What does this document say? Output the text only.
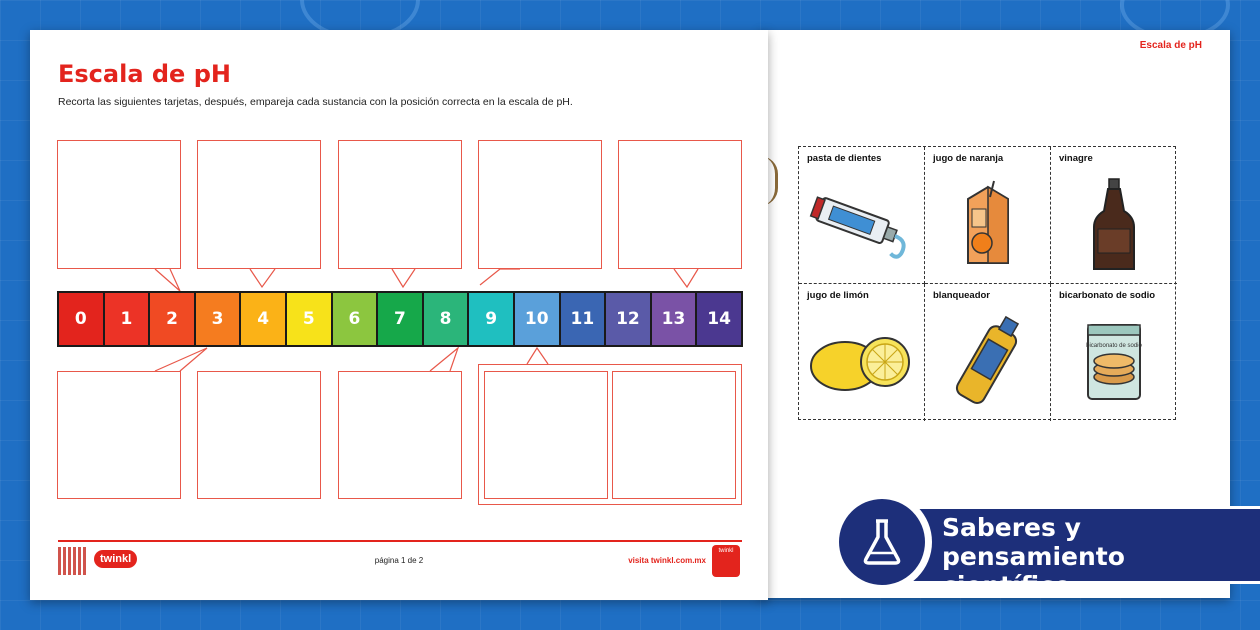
Escala de pH
pasta de dientes	jugo de naranja	vinagre
jugo de limón	blanqueador	bicarbonato de sodio
bicarbonato de sodio
Escala de pH
Recorta las siguientes tarjetas, después, empareja cada sustancia con la posición correcta en la escala de pH.
0	1	2	3	4	5	6	7	8	9	10	11	12	13	14
twinkl	página 1 de 2	visita twinkl.com.mx
twinkl
Saberes y
pensamiento científico
